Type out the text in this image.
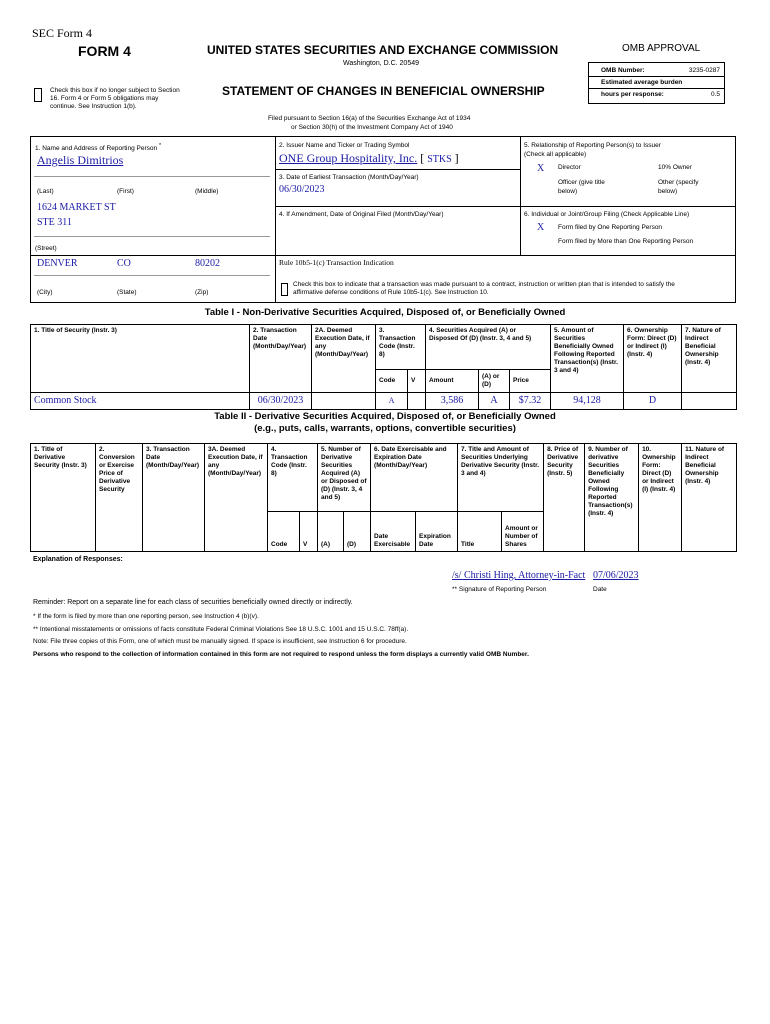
SEC Form 4
FORM 4	UNITED STATES SECURITIES AND EXCHANGE COMMISSION
Washington, D.C. 20549
Check this box if no longer subject to Section 16. Form 4 or Form 5 obligations may continue. See Instruction 1(b).
STATEMENT OF CHANGES IN BENEFICIAL OWNERSHIP
Filed pursuant to Section 16(a) of the Securities Exchange Act of 1934
or Section 30(h) of the Investment Company Act of 1940
OMB APPROVAL
OMB Number:	3235-0287
Estimated average burden
hours per response:	0.5
1. Name and Address of Reporting Person *
Angelis Dimitrios
(Last)	(First)	(Middle)
1624 MARKET ST
STE 311
(Street)
DENVER	CO	80202
(City)	(State)	(Zip)
2. Issuer Name and Ticker or Trading Symbol
ONE Group Hospitality, Inc. [ STKS ]
3. Date of Earliest Transaction (Month/Day/Year)
06/30/2023
4. If Amendment, Date of Original Filed (Month/Day/Year)
5. Relationship of Reporting Person(s) to Issuer
(Check all applicable)
X Director	10% Owner
Officer (give title
below)
Other (specify
below)
6. Individual or Joint/Group Filing (Check Applicable Line)
X Form filed by One Reporting Person
Form filed by More than One Reporting Person
Rule 10b5-1(c) Transaction Indication
Check this box to indicate that a transaction was made pursuant to a contract, instruction or written plan that is intended to satisfy the
affirmative defense conditions of Rule 10b5-1(c). See Instruction 10.
Table I - Non-Derivative Securities Acquired, Disposed of, or Beneficially Owned
1. Title of Security (Instr. 3)	2. Transaction Date (Month/Day/Year)	2A. Deemed Execution Date, if any (Month/Day/Year)	3. Transaction Code (Instr. 8)		4. Securities Acquired (A) or Disposed Of (D) (Instr. 3, 4 and 5)			5. Amount of Securities Beneficially Owned Following Reported Transaction(s) (Instr. 3 and 4)	6. Ownership Form: Direct (D) or Indirect (I) (Instr. 4)	7. Nature of Indirect Beneficial Ownership (Instr. 4)
			Code	V	Amount	(A) or (D)	Price			
Common Stock	06/30/2023		A		3,586	A	$7.32	94,128	D	
Table II - Derivative Securities Acquired, Disposed of, or Beneficially Owned
(e.g., puts, calls, warrants, options, convertible securities)
1. Title of Derivative Security (Instr. 3)	2. Conversion or Exercise Price of Derivative Security	3. Transaction Date (Month/Day/Year)	3A. Deemed Execution Date, if any (Month/Day/Year)	4. Transaction Code (Instr. 8)		5. Number of Derivative Securities Acquired (A) or Disposed of (D) (Instr. 3, 4 and 5)		6. Date Exercisable and Expiration Date (Month/Day/Year)		7. Title and Amount of Securities Underlying Derivative Security (Instr. 3 and 4)		8. Price of Derivative Security (Instr. 5)	9. Number of derivative Securities Beneficially Owned Following Reported Transaction(s) (Instr. 4)	10. Ownership Form: Direct (D) or Indirect (I) (Instr. 4)	11. Nature of Indirect Beneficial Ownership (Instr. 4)
				Code	V	(A)	(D)	Date Exercisable	Expiration Date	Title	Amount or Number of Shares				
Explanation of Responses:
/s/ Christi Hing, Attorney-in-Fact 07/06/2023
** Signature of Reporting Person	Date
Reminder: Report on a separate line for each class of securities beneficially owned directly or indirectly.
* If the form is filed by more than one reporting person, see Instruction 4 (b)(v).
** Intentional misstatements or omissions of facts constitute Federal Criminal Violations See 18 U.S.C. 1001 and 15 U.S.C. 78ff(a).
Note: File three copies of this Form, one of which must be manually signed. If space is insufficient, see Instruction 6 for procedure.
Persons who respond to the collection of information contained in this form are not required to respond unless the form displays a currently valid OMB Number.
